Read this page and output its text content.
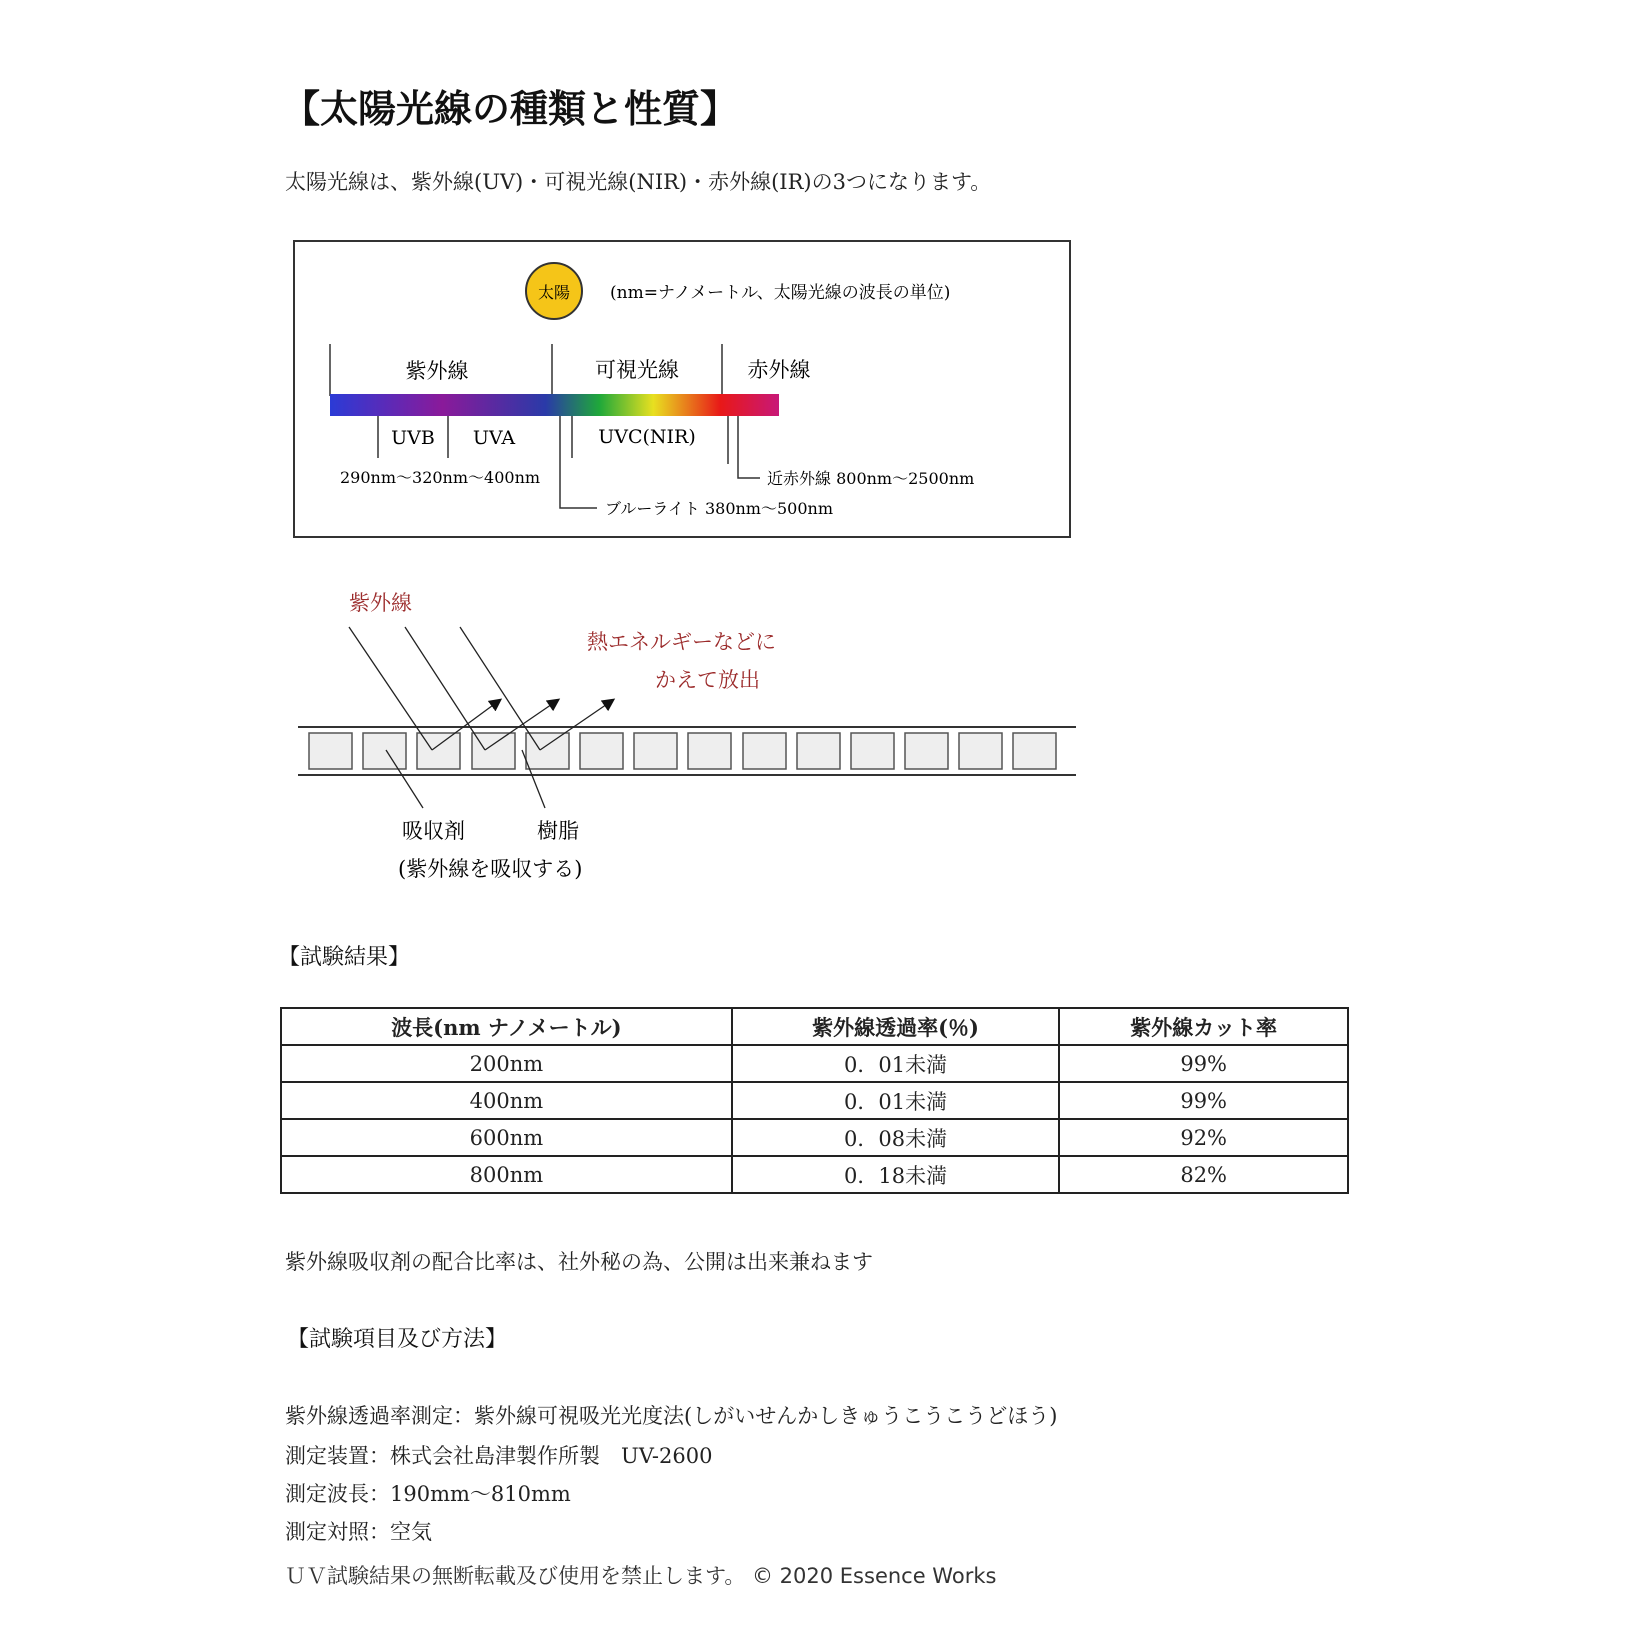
【太陽光線の種類と性質】
太陽光線は、紫外線(UV)・可視光線(NIR)・赤外線(IR)の3つになります。
太陽 (nm=ナノメートル、太陽光線の波長の単位)
紫外線	可視光線	赤外線
UVB UVA	UVC(NIR)
290nm～320nm～400nm	近赤外線 800nm～2500nm
ブルーライト 380nm～500nm
紫外線
熱エネルギーなどに
かえて放出
吸収剤	樹脂
(紫外線を吸収する)
【試験結果】
波長(nm ナノメートル)	紫外線透過率(％)	紫外線カット率
200nm	0．01未満	99%
400nm	0．01未満	99%
600nm	0．08未満	92%
800nm	0．18未満	82%
紫外線吸収剤の配合比率は、社外秘の為、公開は出来兼ねます
【試験項目及び方法】
紫外線透過率測定：紫外線可視吸光光度法(しがいせんかしきゅうこうこうどほう)
測定装置：株式会社島津製作所製　UV-2600
測定波長：190mm～810mm
測定対照：空気
ＵＶ試験結果の無断転載及び使用を禁止します。 © 2020 Essence Works
